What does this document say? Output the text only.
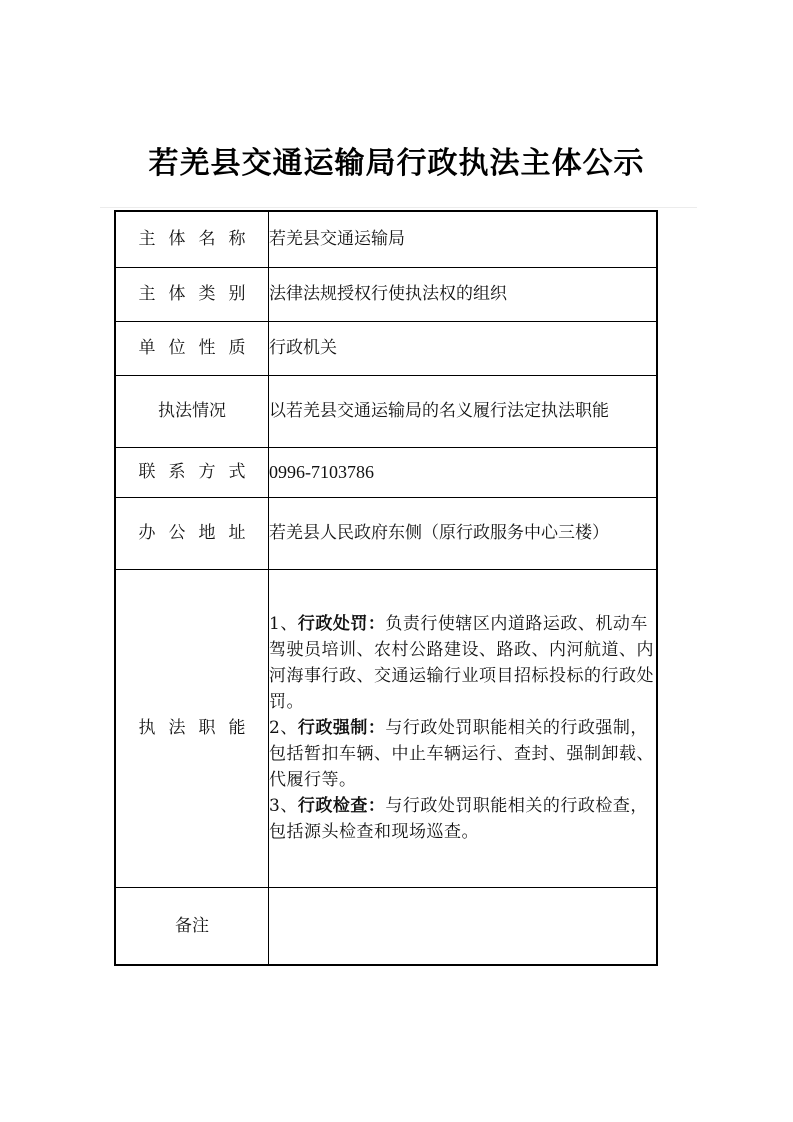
若羌县交通运输局行政执法主体公示
主体名称	若羌县交通运输局
主体类别	法律法规授权行使执法权的组织
单位性质	行政机关
执法情况	以若羌县交通运输局的名义履行法定执法职能
联系方式	0996-7103786
办公地址	若羌县人民政府东侧（原行政服务中心三楼）
执法职能	1、行政处罚：负责行使辖区内道路运政、机动车驾驶员培训、农村公路建设、路政、内河航道、内河海事行政、交通运输行业项目招标投标的行政处罚。
2、行政强制：与行政处罚职能相关的行政强制，包括暂扣车辆、中止车辆运行、查封、强制卸载、代履行等。
3、行政检查：与行政处罚职能相关的行政检查，包括源头检查和现场巡查。

备注	
